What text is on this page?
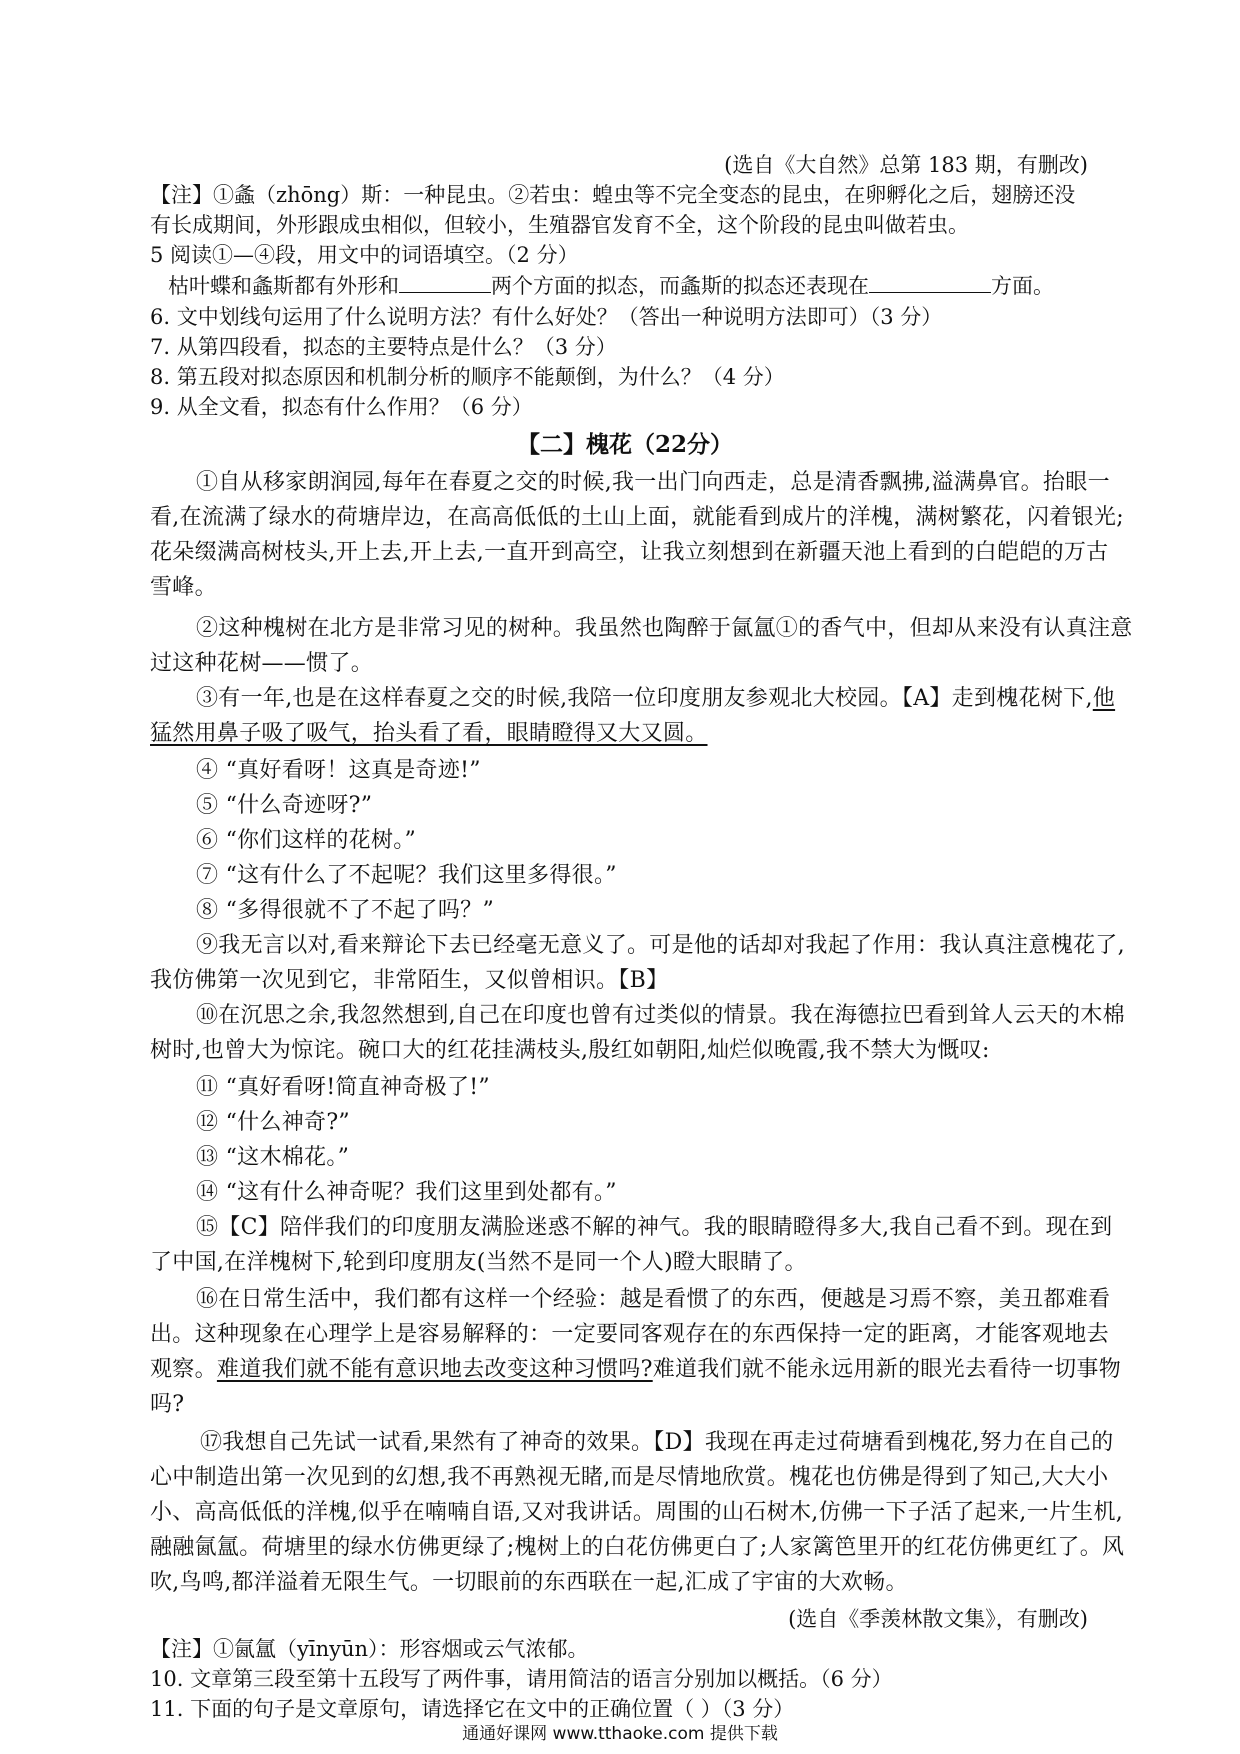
(选自《大自然》总第 183 期，有删改)

【注】①螽（zhōng）斯：一种昆虫。②若虫：蝗虫等不完全变态的昆虫，在卵孵化之后，翅膀还没

有长成期间，外形跟成虫相似，但较小，生殖器官发育不全，这个阶段的昆虫叫做若虫。

5 阅读①—④段，用文中的词语填空。（2 分）

枯叶蝶和螽斯都有外形和	两个方面的拟态，而螽斯的拟态还表现在	方面。

6. 文中划线句运用了什么说明方法？有什么好处？（答出一种说明方法即可）（3 分）

7. 从第四段看，拟态的主要特点是什么？（3 分）

8. 第五段对拟态原因和机制分析的顺序不能颠倒，为什么？（4 分）

9. 从全文看，拟态有什么作用？（6 分）

【二】槐花（22分）

①自从移家朗润园,每年在春夏之交的时候,我一出门向西走，总是清香飘拂,溢满鼻官。抬眼一

看,在流满了绿水的荷塘岸边，在高高低低的土山上面，就能看到成片的洋槐，满树繁花，闪着银光;

花朵缀满高树枝头,开上去,开上去,一直开到高空，让我立刻想到在新疆天池上看到的白皑皑的万古

雪峰。

②这种槐树在北方是非常习见的树种。我虽然也陶醉于氤氲①的香气中，但却从来没有认真注意

过这种花树——惯了。

③有一年,也是在这样春夏之交的时候,我陪一位印度朋友参观北大校园。【A】走到槐花树下,他

猛然用鼻子吸了吸气，抬头看了看，眼睛瞪得又大又圆。

④ “真好看呀！这真是奇迹!”

⑤ “什么奇迹呀?”

⑥ “你们这样的花树。”

⑦ “这有什么了不起呢？我们这里多得很。”

⑧ “多得很就不了不起了吗？”

⑨我无言以对,看来辩论下去已经毫无意义了。可是他的话却对我起了作用：我认真注意槐花了,

我仿佛第一次见到它，非常陌生，又似曾相识。【B】

⑩在沉思之余,我忽然想到,自己在印度也曾有过类似的情景。我在海德拉巴看到耸人云天的木棉

树时,也曾大为惊诧。碗口大的红花挂满枝头,殷红如朝阳,灿烂似晚霞,我不禁大为慨叹:

⑪ “真好看呀!简直神奇极了!”

⑫ “什么神奇?”

⑬ “这木棉花。”

⑭ “这有什么神奇呢？我们这里到处都有。”

⑮【C】陪伴我们的印度朋友满脸迷惑不解的神气。我的眼睛瞪得多大,我自己看不到。现在到

了中国,在洋槐树下,轮到印度朋友(当然不是同一个人)瞪大眼睛了。

⑯在日常生活中，我们都有这样一个经验：越是看惯了的东西，便越是习焉不察，美丑都难看

出。这种现象在心理学上是容易解释的：一定要同客观存在的东西保持一定的距离，才能客观地去

观察。难道我们就不能有意识地去改变这种习惯吗?难道我们就不能永远用新的眼光去看待一切事物

吗?

⑰我想自己先试一试看,果然有了神奇的效果。【D】我现在再走过荷塘看到槐花,努力在自己的

心中制造出第一次见到的幻想,我不再熟视无睹,而是尽情地欣赏。槐花也仿佛是得到了知己,大大小

小、高高低低的洋槐,似乎在喃喃自语,又对我讲话。周围的山石树木,仿佛一下子活了起来,一片生机,

融融氤氲。荷塘里的绿水仿佛更绿了;槐树上的白花仿佛更白了;人家篱笆里开的红花仿佛更红了。风

吹,鸟鸣,都洋溢着无限生气。一切眼前的东西联在一起,汇成了宇宙的大欢畅。

(选自《季羡林散文集》，有删改)

【注】①氤氲（yīnyūn）：形容烟或云气浓郁。

10. 文章第三段至第十五段写了两件事，请用简洁的语言分别加以概括。（6 分）

11. 下面的句子是文章原句，请选择它在文中的正确位置（ ）（3 分）

通通好课网 www.tthaoke.com 提供下载
